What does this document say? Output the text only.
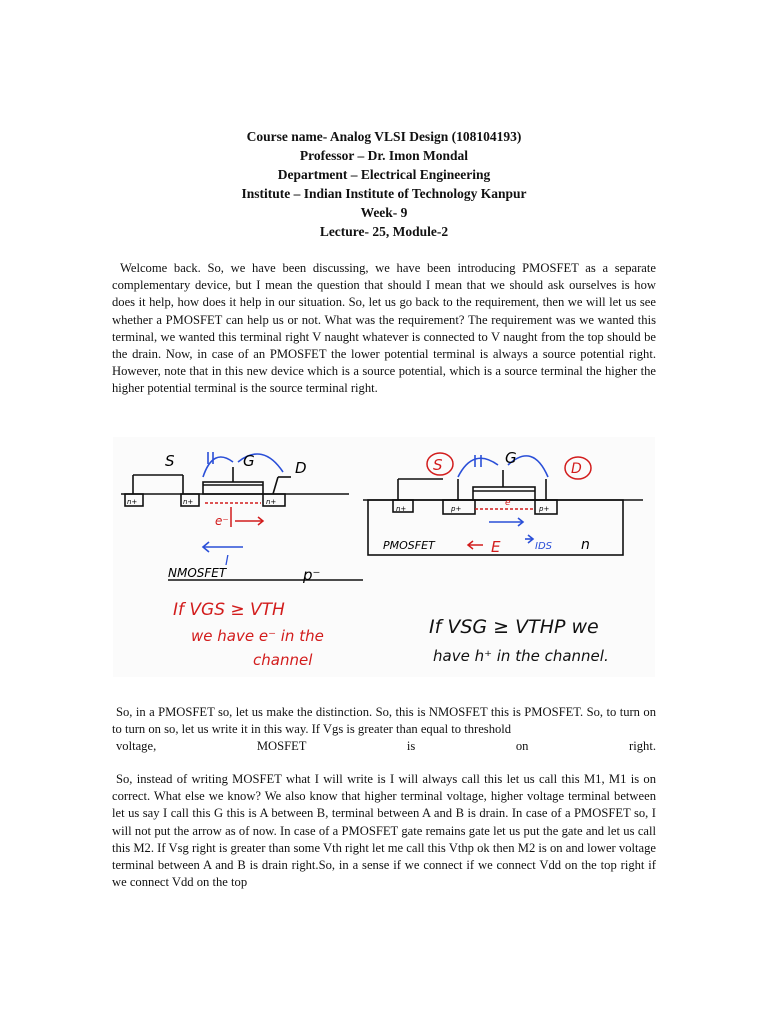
Course name- Analog VLSI Design (108104193)
Professor – Dr. Imon Mondal
Department – Electrical Engineering
Institute – Indian Institute of Technology Kanpur
Week- 9
Lecture- 25, Module-2

Welcome back. So, we have been discussing, we have been introducing PMOSFET as a separate complementary device, but I mean the question that should I mean that we should ask ourselves is how does it help, how does it help in our situation. So, let us go back to the requirement, then we will let us see whether a PMOSFET can help us or not. What was the requirement? The requirement was we wanted this terminal, we wanted this terminal right V naught whatever is connected to V naught from the top should be the drain. Now, in case of an PMOSFET the lower potential terminal is always a source potential right. However, note that in this new device which is a source potential, which is a source terminal the higher the higher potential terminal is the source terminal right.

S	G	D
n+	n+	n+
e⁻
I
S	G
D
n+	p+	p+
e
E	IDS n
PMOSFET
NMOSFET	p⁻
If VGS ≥ VTH
we have e⁻ in the
channel
If VSG ≥ VTHP we
have h⁺ in the channel.
So, in a PMOSFET so, let us make the distinction. So, this is NMOSFET this is PMOSFET. So, to turn on to turn on so, let us write it in this way. If Vgs is greater than equal to threshold
voltage, MOSFET is on right.

So, instead of writing MOSFET what I will write is I will always call this let us call this M1, M1 is on correct. What else we know? We also know that higher terminal voltage, higher voltage terminal between let us say I call this G this is A between B, terminal between A and B is drain. In case of a PMOSFET so, I will not put the arrow as of now. In case of a PMOSFET gate remains gate let us put the gate and let us call this M2. If Vsg right is greater than some Vth right let me call this Vthp ok then M2 is on and lower voltage terminal between A and B is drain right.So, in a sense if we connect if we connect Vdd on the top right if we connect Vdd on the top
